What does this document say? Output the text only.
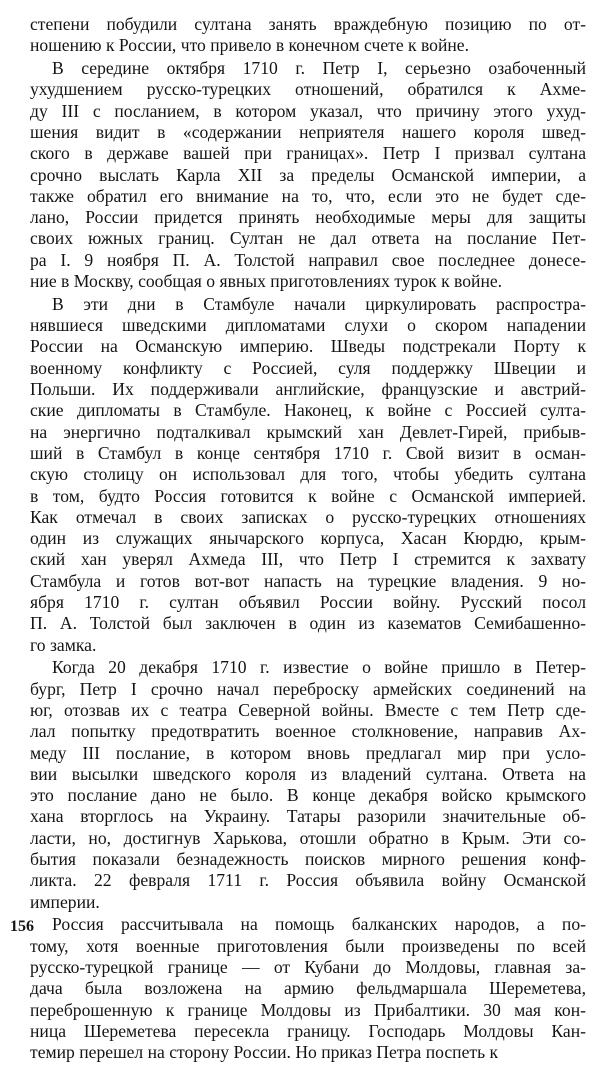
степени побудили султана занять враждебную позицию по от-
ношению к России, что привело в конечном счете к войне.
В середине октября 1710 г. Петр I, серьезно озабоченный
ухудшением русско-турецких отношений, обратился к Ахме-
ду III с посланием, в котором указал, что причину этого ухуд-
шения видит в «содержании неприятеля нашего короля швед-
ского в державе вашей при границах». Петр I призвал султана
срочно выслать Карла XII за пределы Османской империи, а
также обратил его внимание на то, что, если это не будет сде-
лано, России придется принять необходимые меры для защиты
своих южных границ. Султан не дал ответа на послание Пет-
ра I. 9 ноября П. А. Толстой направил свое последнее донесе-
ние в Москву, сообщая о явных приготовлениях турок к войне.
В эти дни в Стамбуле начали циркулировать распростра-
нявшиеся шведскими дипломатами слухи о скором нападении
России на Османскую империю. Шведы подстрекали Порту к
военному конфликту с Россией, суля поддержку Швеции и
Польши. Их поддерживали английские, французские и австрий-
ские дипломаты в Стамбуле. Наконец, к войне с Россией султа-
на энергично подталкивал крымский хан Девлет-Гирей, прибыв-
ший в Стамбул в конце сентября 1710 г. Свой визит в осман-
скую столицу он использовал для того, чтобы убедить султана
в том, будто Россия готовится к войне с Османской империей.
Как отмечал в своих записках о русско-турецких отношениях
один из служащих янычарского корпуса, Хасан Кюрдю, крым-
ский хан уверял Ахмеда III, что Петр I стремится к захвату
Стамбула и готов вот-вот напасть на турецкие владения. 9 но-
ября 1710 г. султан объявил России войну. Русский посол
П. А. Толстой был заключен в один из казематов Семибашенно-
го замка.
Когда 20 декабря 1710 г. известие о войне пришло в Петер-
бург, Петр I срочно начал переброску армейских соединений на
юг, отозвав их с театра Северной войны. Вместе с тем Петр сде-
лал попытку предотвратить военное столкновение, направив Ах-
меду III послание, в котором вновь предлагал мир при усло-
вии высылки шведского короля из владений султана. Ответа на
это послание дано не было. В конце декабря войско крымского
хана вторглось на Украину. Татары разорили значительные об-
ласти, но, достигнув Харькова, отошли обратно в Крым. Эти со-
бытия показали безнадежность поисков мирного решения конф-
ликта. 22 февраля 1711 г. Россия объявила войну Османской
империи.
Россия рассчитывала на помощь балканских народов, а по-
тому, хотя военные приготовления были произведены по всей
русско-турецкой границе — от Кубани до Молдовы, главная за-
дача была возложена на армию фельдмаршала Шереметева,
переброшенную к границе Молдовы из Прибалтики. 30 мая кон-
ница Шереметева пересекла границу. Господарь Молдовы Кан-
темир перешел на сторону России. Но приказ Петра поспеть к
156
